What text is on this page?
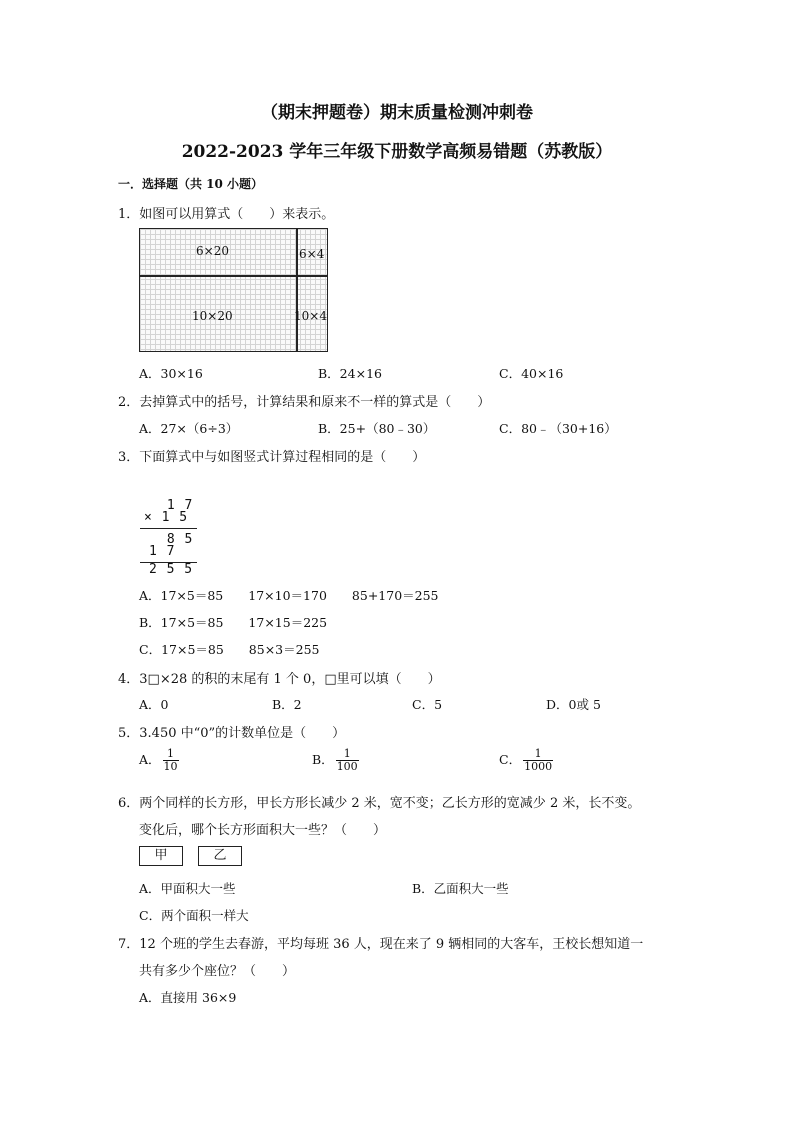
（期末押题卷）期末质量检测冲刺卷
2022-2023 学年三年级下册数学高频易错题（苏教版）
一．选择题（共 10 小题）
1．如图可以用算式（　　）来表示。
6×20	6×4
10×20	10×4
A．30×16	B．24×16	C．40×16
2．去掉算式中的括号，计算结果和原来不一样的算式是（　　）
A．27×（6÷3）	B．25+（80﹣30）	C．80﹣（30+16）
3．下面算式中与如图竖式计算过程相同的是（　　）
　 1 7
× 1 5
　 8 5
1 7
2 5 5
A．17×5＝85　　17×10＝170　　85+170＝255
B．17×5＝85　　17×15＝225
C．17×5＝85　　85×3＝255
4．3□×28 的积的末尾有 1 个 0，□里可以填（　　）
A．0	B．2	C．5	D．0或 5
5．3.450 中“0”的计数单位是（　　）
A． $\frac{1}{10}$	B． $\frac{1}{100}$	C． $\frac{1}{1000}$
6．两个同样的长方形，甲长方形长减少 2 米，宽不变；乙长方形的宽减少 2 米，长不变。
变化后，哪个长方形面积大一些？（　　）
甲	乙
A．甲面积大一些	B．乙面积大一些
C．两个面积一样大
7．12 个班的学生去春游，平均每班 36 人，现在来了 9 辆相同的大客车，王校长想知道一
共有多少个座位？（　　）
A．直接用 36×9
